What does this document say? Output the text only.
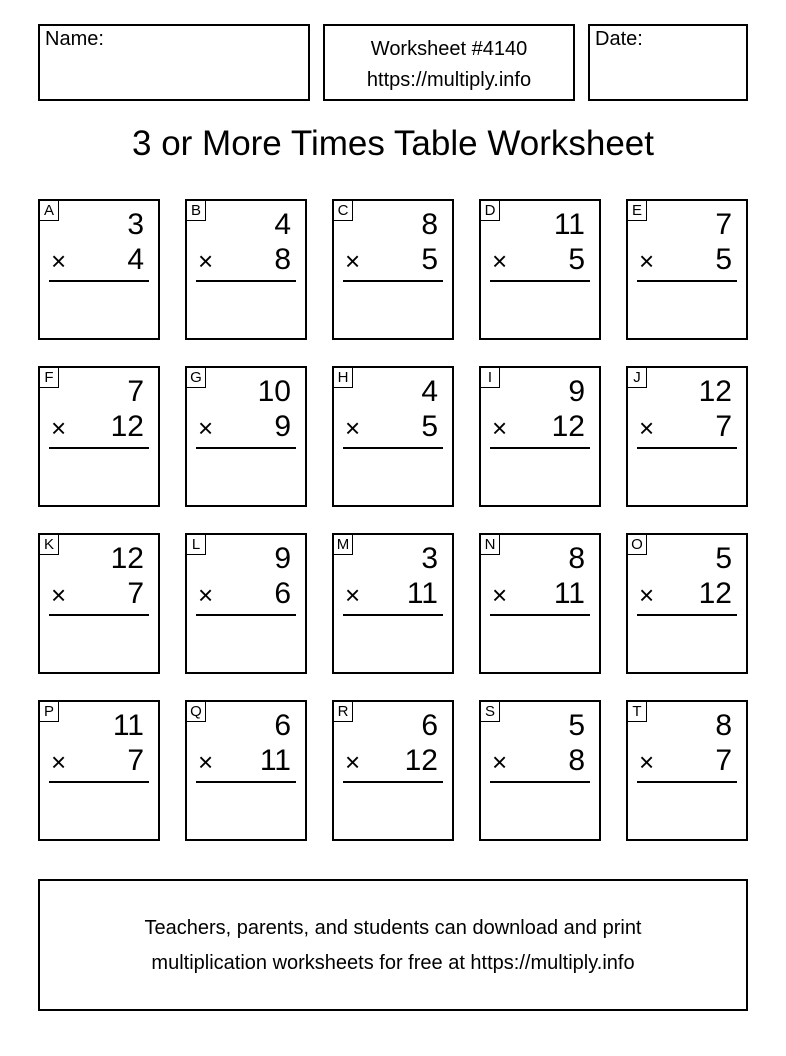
Name:	Worksheet #4140
https://multiply.info
Date:
3 or More Times Table Worksheet
A 3
× 4
B 4
× 8
C 8
× 5
D 11
× 5
E 7
× 5
F 7
× 12
G 10
× 9
H 4
× 5
I	9
× 12
J 12
× 7
K 12
× 7
L 9
× 6
M 3
× 11
N 8
× 11
O 5
× 12
P 11
× 7
Q 6
× 11
R 6
× 12
S 5
× 8
T 8
× 7
Teachers, parents, and students can download and print
multiplication worksheets for free at https://multiply.info
